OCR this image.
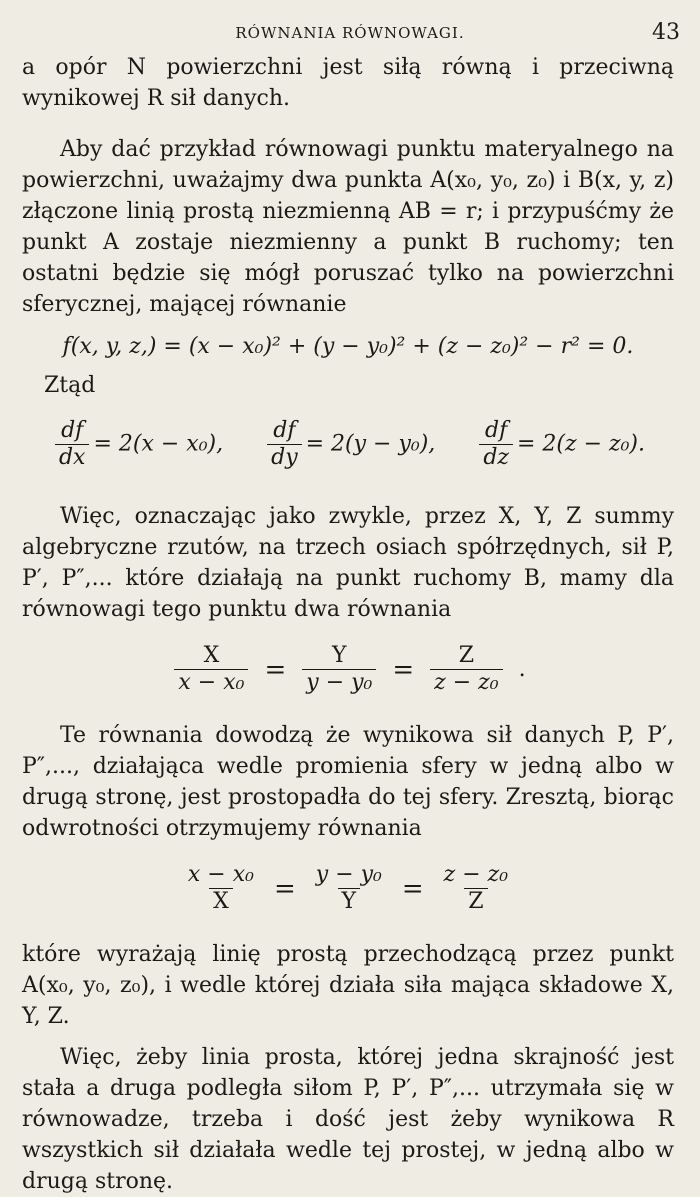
RÓWNANIA RÓWNOWAGI.	43

a opór N powierzchni jest siłą równą i przeciwną wynikowej R sił danych.

Aby dać przykład równowagi punktu materyalnego na powierzchni, uważajmy dwa punkta A(x₀, y₀, z₀) i B(x, y, z) złączone linią prostą niezmienną AB = r; i przypuśćmy że punkt A zostaje niezmienny a punkt B ruchomy; ten ostatni będzie się mógł poruszać tylko na powierzchni sferycznej, mającej równanie

f(x, y, z,) = (x − x₀)² + (y − y₀)² + (z − z₀)² − r² = 0.
Ztąd
$\frac{df}{dx} = 2(x - x_0)$, $\frac{df}{dy} = 2(y - y_0)$, $\frac{df}{dz} = 2(z - z_0)$.

Więc, oznaczając jako zwykle, przez X, Y, Z summy algebryczne rzutów, na trzech osiach spółrzędnych, sił P, P′, P″,... które działają na punkt ruchomy B, mamy dla równowagi tego punktu dwa równania

$\frac{X}{\text{x − x₀}} = \frac{Y}{\text{y − y₀}} = \frac{Z}{\text{z − z₀}}$ .

Te równania dowodzą że wynikowa sił danych P, P′, P″,..., działająca wedle promienia sfery w jedną albo w drugą stronę, jest prostopadła do tej sfery. Zresztą, biorąc odwrotności otrzymujemy równania

$\frac{\text{x − x₀}}{X} = \frac{\text{y − y₀}}{Y} = \frac{\text{z − z₀}}{Z}$

które wyrażają linię prostą przechodzącą przez punkt A(x₀, y₀, z₀), i wedle której działa siła mająca składowe X, Y, Z.

Więc, żeby linia prosta, której jedna skrajność jest stała a druga podległa siłom P, P′, P″,... utrzymała się w równowadze, trzeba i dość jest żeby wynikowa R wszystkich sił działała wedle tej prostej, w jedną albo w drugą stronę.
